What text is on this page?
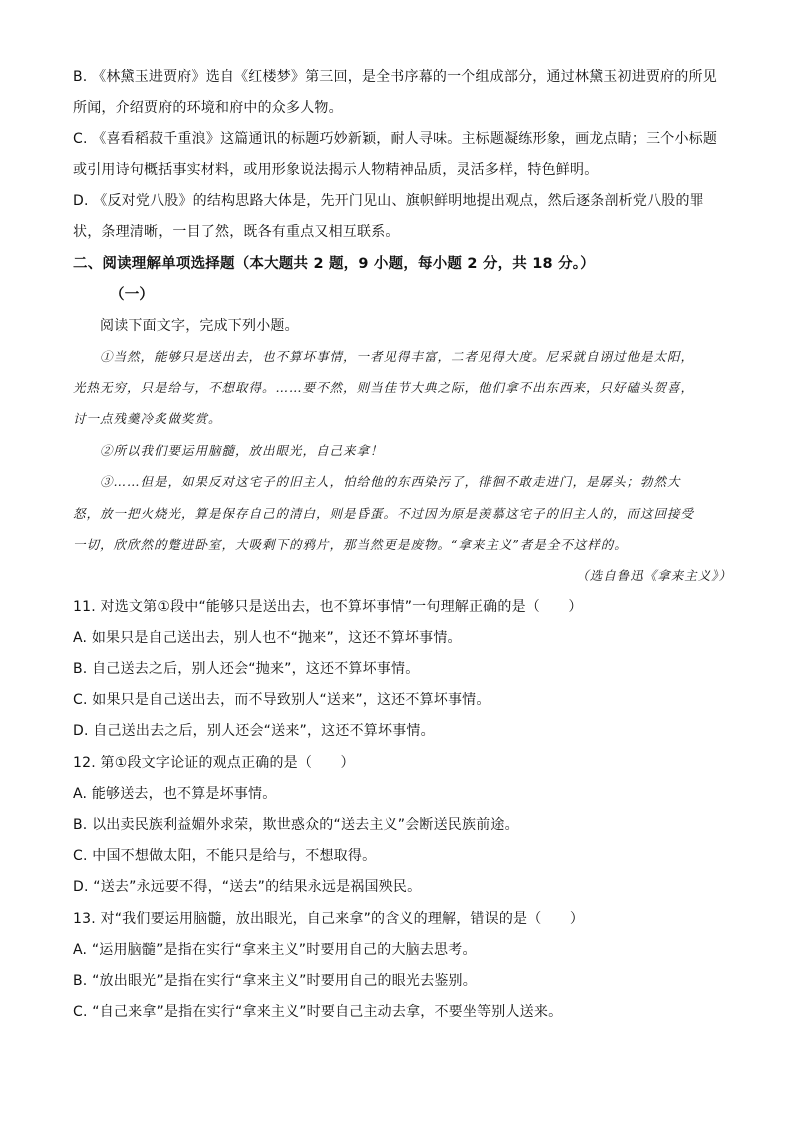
B. 《林黛玉进贾府》选自《红楼梦》第三回，是全书序幕的一个组成部分，通过林黛玉初进贾府的所见
所闻，介绍贾府的环境和府中的众多人物。
C. 《喜看稻菽千重浪》这篇通讯的标题巧妙新颖，耐人寻味。主标题凝练形象，画龙点睛；三个小标题
或引用诗句概括事实材料，或用形象说法揭示人物精神品质，灵活多样，特色鲜明。
D. 《反对党八股》的结构思路大体是，先开门见山、旗帜鲜明地提出观点，然后逐条剖析党八股的罪
状，条理清晰，一目了然，既各有重点又相互联系。
二、阅读理解单项选择题（本大题共 2 题，9 小题，每小题 2 分，共 18 分。）
（一）
阅读下面文字，完成下列小题。
①当然，能够只是送出去，也不算坏事情，一者见得丰富，二者见得大度。尼采就自诩过他是太阳，
光热无穷，只是给与，不想取得。……要不然，则当佳节大典之际，他们拿不出东西来，只好磕头贺喜，
讨一点残羹冷炙做奖赏。
②所以我们要运用脑髓，放出眼光，自己来拿！
③……但是，如果反对这宅子的旧主人，怕给他的东西染污了，徘徊不敢走进门，是孱头；勃然大
怒，放一把火烧光，算是保存自己的清白，则是昏蛋。不过因为原是羡慕这宅子的旧主人的，而这回接受
一切，欣欣然的蹩进卧室，大吸剩下的鸦片，那当然更是废物。“拿来主义”者是全不这样的。
（选自鲁迅《拿来主义》）
11. 对选文第①段中“能够只是送出去，也不算坏事情”一句理解正确的是（　　）
A. 如果只是自己送出去，别人也不“抛来”，这还不算坏事情。
B. 自己送去之后，别人还会“抛来”，这还不算坏事情。
C. 如果只是自己送出去，而不导致别人“送来”，这还不算坏事情。
D. 自己送出去之后，别人还会“送来”，这还不算坏事情。
12. 第①段文字论证的观点正确的是（　　）
A. 能够送去，也不算是坏事情。
B. 以出卖民族利益媚外求荣，欺世惑众的“送去主义”会断送民族前途。
C. 中国不想做太阳，不能只是给与，不想取得。
D. “送去”永远要不得，“送去”的结果永远是祸国殃民。
13. 对“我们要运用脑髓，放出眼光，自己来拿”的含义的理解，错误的是（　　）
A. “运用脑髓”是指在实行“拿来主义”时要用自己的大脑去思考。
B. “放出眼光”是指在实行“拿来主义”时要用自己的眼光去鉴别。
C. “自己来拿”是指在实行“拿来主义”时要自己主动去拿，不要坐等别人送来。
